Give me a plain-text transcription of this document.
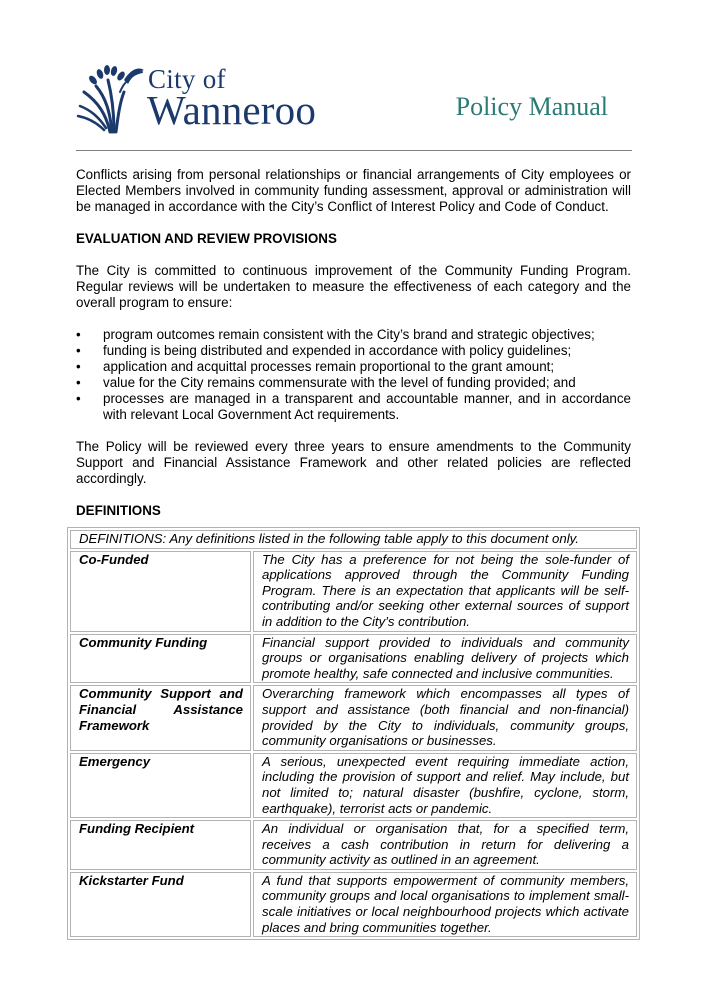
City of
Wanneroo	Policy Manual

Conflicts arising from personal relationships or financial arrangements of City employees or Elected Members involved in community funding assessment, approval or administration will be managed in accordance with the City’s Conflict of Interest Policy and Code of Conduct.

EVALUATION AND REVIEW PROVISIONS

The City is committed to continuous improvement of the Community Funding Program. Regular reviews will be undertaken to measure the effectiveness of each category and the overall program to ensure:

• program outcomes remain consistent with the City’s brand and strategic objectives;
• funding is being distributed and expended in accordance with policy guidelines;
• application and acquittal processes remain proportional to the grant amount;
• value for the City remains commensurate with the level of funding provided; and
• processes are managed in a transparent and accountable manner, and in accordance with relevant Local Government Act requirements.

The Policy will be reviewed every three years to ensure amendments to the Community Support and Financial Assistance Framework and other related policies are reflected accordingly.

DEFINITIONS
DEFINITIONS: Any definitions listed in the following table apply to this document only.	
Co-Funded	The City has a preference for not being the sole-funder of applications approved through the Community Funding Program. There is an expectation that applicants will be self-contributing and/or seeking other external sources of support in addition to the City’s contribution.
Community Funding	Financial support provided to individuals and community groups or organisations enabling delivery of projects which promote healthy, safe connected and inclusive communities.

Community Support and Financial Assistance Framework	Overarching framework which encompasses all types of support and assistance (both financial and non-financial) provided by the City to individuals, community groups, community organisations or businesses.
Emergency	A serious, unexpected event requiring immediate action, including the provision of support and relief. May include, but not limited to; natural disaster (bushfire, cyclone, storm, earthquake), terrorist acts or pandemic.
Funding Recipient	An individual or organisation that, for a specified term, receives a cash contribution in return for delivering a community activity as outlined in an agreement.
Kickstarter Fund	A fund that supports empowerment of community members, community groups and local organisations to implement small-scale initiatives or local neighbourhood projects which activate places and bring communities together.
